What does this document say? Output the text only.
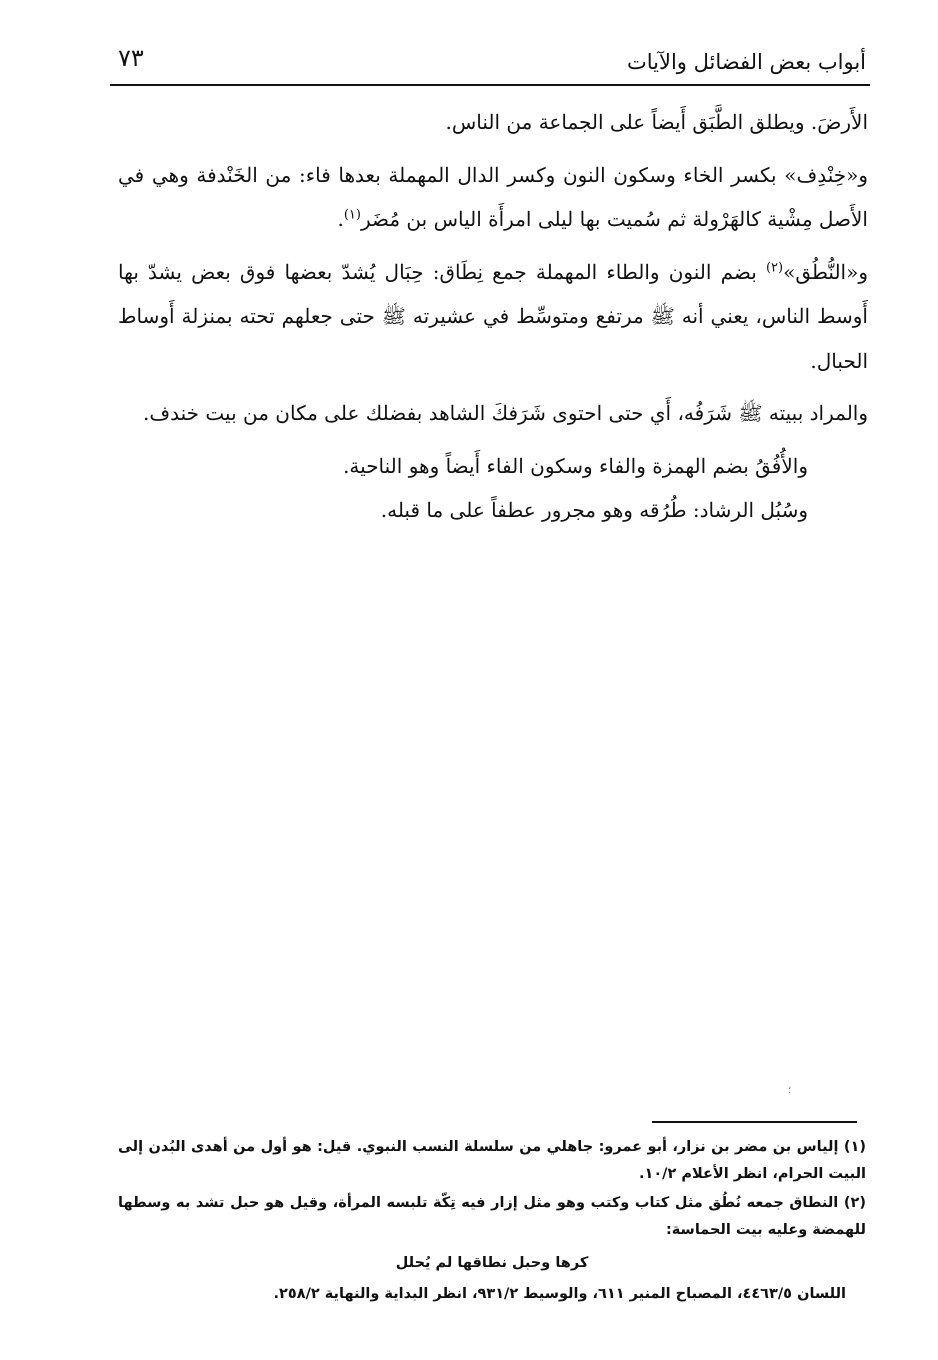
أبواب بعض الفضائل والآيات
٧٣

الأَرضَ. ويطلق الطَّبَق أَيضاً على الجماعة من الناس.

و«خِنْدِف» بكسر الخاء وسكون النون وكسر الدال المهملة بعدها فاء: من الخَنْدفة وهي في الأَصل مِشْية كالهَرْولة ثم سُميت بها ليلى امرأَة الياس بن مُضَر$^{(١)}$.

و«النُّطُق»$^{(٢)}$ بضم النون والطاء المهملة جمع نِطَاق: حِبَال يُشدّ بعضها فوق بعض يشدّ بها أَوسط الناس، يعني أنه ﷺ مرتفع ومتوسِّط في عشيرته ﷺ حتى جعلهم تحته بمنزلة أَوساط الحبال.

والمراد ببيته ﷺ شَرَفُه، أَي حتى احتوى شَرَفكَ الشاهد بفضلك على مكان من بيت خندف.

والأُفُقُ بضم الهمزة والفاء وسكون الفاء أَيضاً وهو الناحية.

وسُبُل الرشاد: طُرُقه وهو مجرور عطفاً على ما قبله.

؛

(١) إلياس بن مضر بن نزار، أبو عمرو: جاهلي من سلسلة النسب النبوي. قيل: هو أول من أهدى البُدن إلى البيت الحرام، انظر الأعلام ١٠/٢.

(٢) النطاق جمعه نُطُق مثل كتاب وكتب وهو مثل إزار فيه تِكّة تلبسه المرأة، وقيل هو حبل تشد به وسطها للهمضة وعليه بيت الحماسة:

كرها وحبل نطاقها لم يُحلل

اللسان ٤٤٦٣/٥، المصباح المنير ٦١١، والوسيط ٩٣١/٢، انظر البداية والنهاية ٢٥٨/٢.
